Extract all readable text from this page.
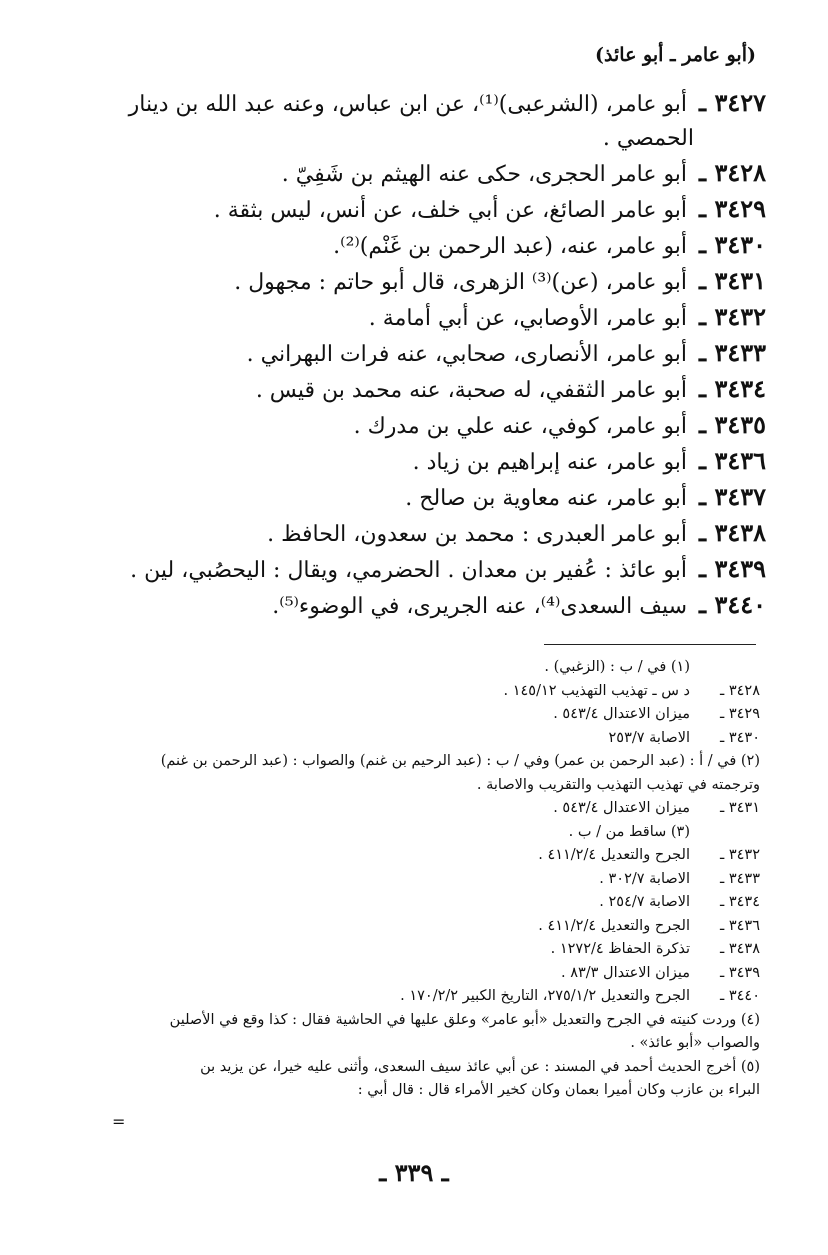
(أبو عامر ـ أبو عائذ)
٣٤٢٧ ـ
أبو عامر، (الشرعبى)⁽¹⁾، عن ابن عباس، وعنه عبد الله بن دينار
الحمصي .
٣٤٢٨ ـ
أبو عامر الحجرى، حكى عنه الهيثم بن شَفِيّ .
٣٤٢٩ ـ
أبو عامر الصائغ، عن أبي خلف، عن أنس، ليس بثقة .
٣٤٣٠ ـ
أبو عامر، عنه، (عبد الرحمن بن غَنْم)⁽²⁾.
٣٤٣١ ـ
أبو عامر، (عن)⁽³⁾ الزهرى، قال أبو حاتم : مجهول .
٣٤٣٢ ـ
أبو عامر، الأوصابي، عن أبي أمامة .
٣٤٣٣ ـ
أبو عامر، الأنصارى، صحابي، عنه فرات البهراني .
٣٤٣٤ ـ
أبو عامر الثقفي، له صحبة، عنه محمد بن قيس .
٣٤٣٥ ـ
أبو عامر، كوفي، عنه علي بن مدرك .
٣٤٣٦ ـ
أبو عامر، عنه إبراهيم بن زياد .
٣٤٣٧ ـ
أبو عامر، عنه معاوية بن صالح .
٣٤٣٨ ـ
أبو عامر العبدرى : محمد بن سعدون، الحافظ .
٣٤٣٩ ـ
أبو عائذ : عُفير بن معدان . الحضرمي، ويقال : اليحصُبي، لين .
٣٤٤٠ ـ
سيف السعدى⁽⁴⁾، عنه الجريرى، في الوضوء⁽⁵⁾.
(١) في / ب : (الزغبي) .
٣٤٢٨ ـ
د س ـ تهذيب التهذيب ١٤٥/١٢ .
٣٤٢٩ ـ
ميزان الاعتدال ٥٤٣/٤ .
٣٤٣٠ ـ
الاصابة ٢٥٣/٧
(٢) في / أ : (عبد الرحمن بن عمر) وفي / ب : (عبد الرحيم بن غنم) والصواب : (عبد الرحمن بن غنم)
وترجمته في تهذيب التهذيب والتقريب والاصابة .
٣٤٣١ ـ
ميزان الاعتدال ٥٤٣/٤ .
(٣) ساقط من / ب .
٣٤٣٢ ـ
الجرح والتعديل ٤١١/٢/٤ .
٣٤٣٣ ـ
الاصابة ٣٠٢/٧ .
٣٤٣٤ ـ
الاصابة ٢٥٤/٧ .
٣٤٣٦ ـ
الجرح والتعديل ٤١١/٢/٤ .
٣٤٣٨ ـ
تذكرة الحفاظ ١٢٧٢/٤ .
٣٤٣٩ ـ
ميزان الاعتدال ٨٣/٣ .
٣٤٤٠ ـ
الجرح والتعديل ٢٧٥/١/٢، التاريخ الكبير ١٧٠/٢/٢ .
(٤) وردت كنيته في الجرح والتعديل «أبو عامر» وعلق عليها في الحاشية فقال : كذا وقع في الأصلين
والصواب «أبو عائذ» .
(٥) أخرج الحديث أحمد في المسند : عن أبي عائذ سيف السعدى، وأثنى عليه خيرا، عن يزيد بن
البراء بن عازب وكان أميرا بعمان وكان كخير الأمراء قال : قال أبي :
=
ـ ٣٣٩ ـ
